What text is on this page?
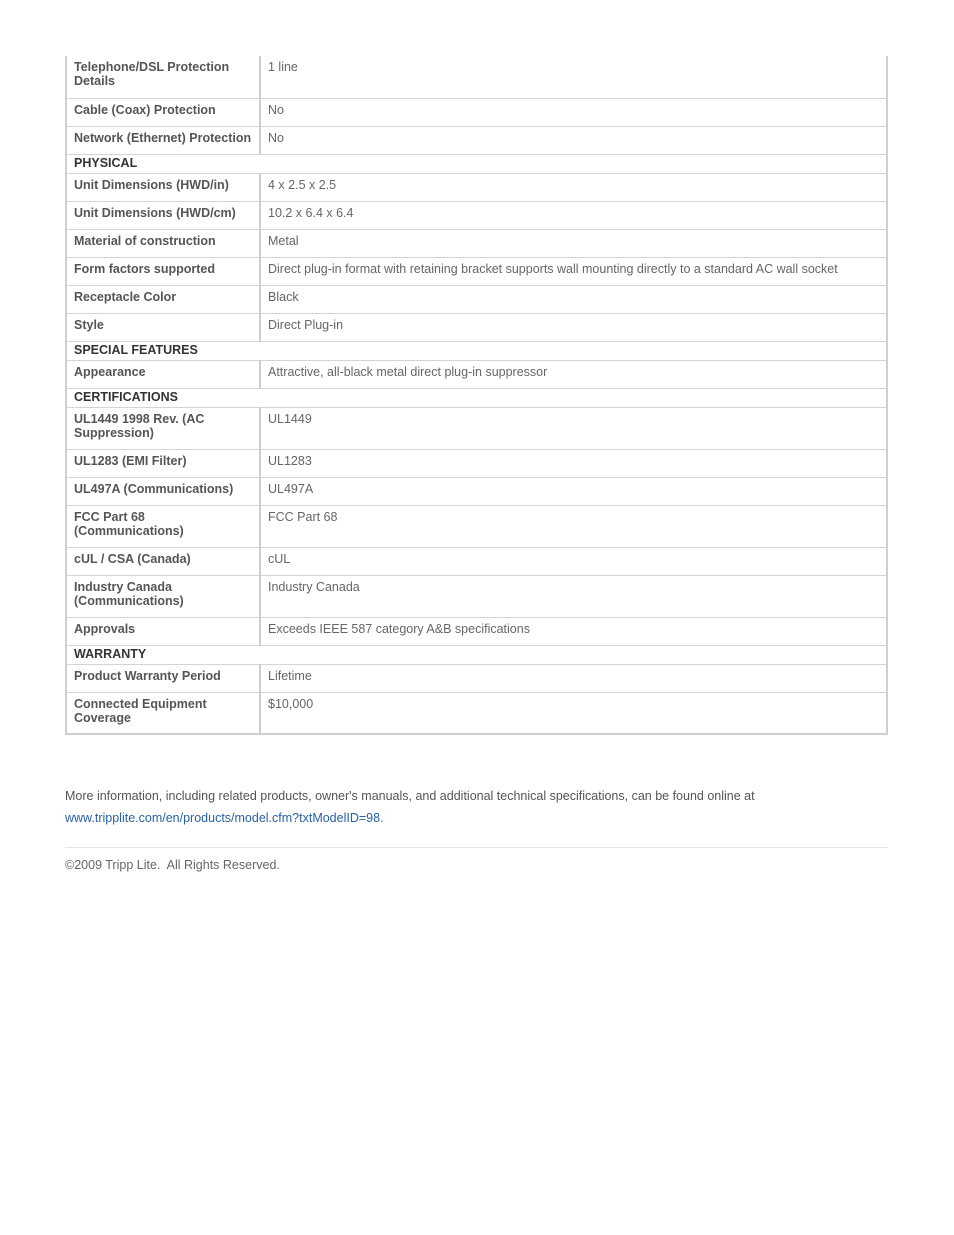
Telephone/DSL Protection Details	1 line
Cable (Coax) Protection	No
Network (Ethernet) Protection	No
PHYSICAL	
Unit Dimensions (HWD/in)	4 x 2.5 x 2.5
Unit Dimensions (HWD/cm)	10.2 x 6.4 x 6.4
Material of construction	Metal
Form factors supported	Direct plug-in format with retaining bracket supports wall mounting directly to a standard AC wall socket
Receptacle Color	Black
Style	Direct Plug-in
SPECIAL FEATURES	
Appearance	Attractive, all-black metal direct plug-in suppressor
CERTIFICATIONS	
UL1449 1998 Rev. (AC Suppression)	UL1449
UL1283 (EMI Filter)	UL1283
UL497A (Communications)	UL497A
FCC Part 68 (Communications)	FCC Part 68
cUL / CSA (Canada)	cUL
Industry Canada (Communications)	Industry Canada
Approvals	Exceeds IEEE 587 category A&B specifications
WARRANTY	
Product Warranty Period	Lifetime
Connected Equipment Coverage	$10,000

More information, including related products, owner's manuals, and additional technical specifications, can be found online at
www.tripplite.com/en/products/model.cfm?txtModelID=98.

©2009 Tripp Lite.  All Rights Reserved.
